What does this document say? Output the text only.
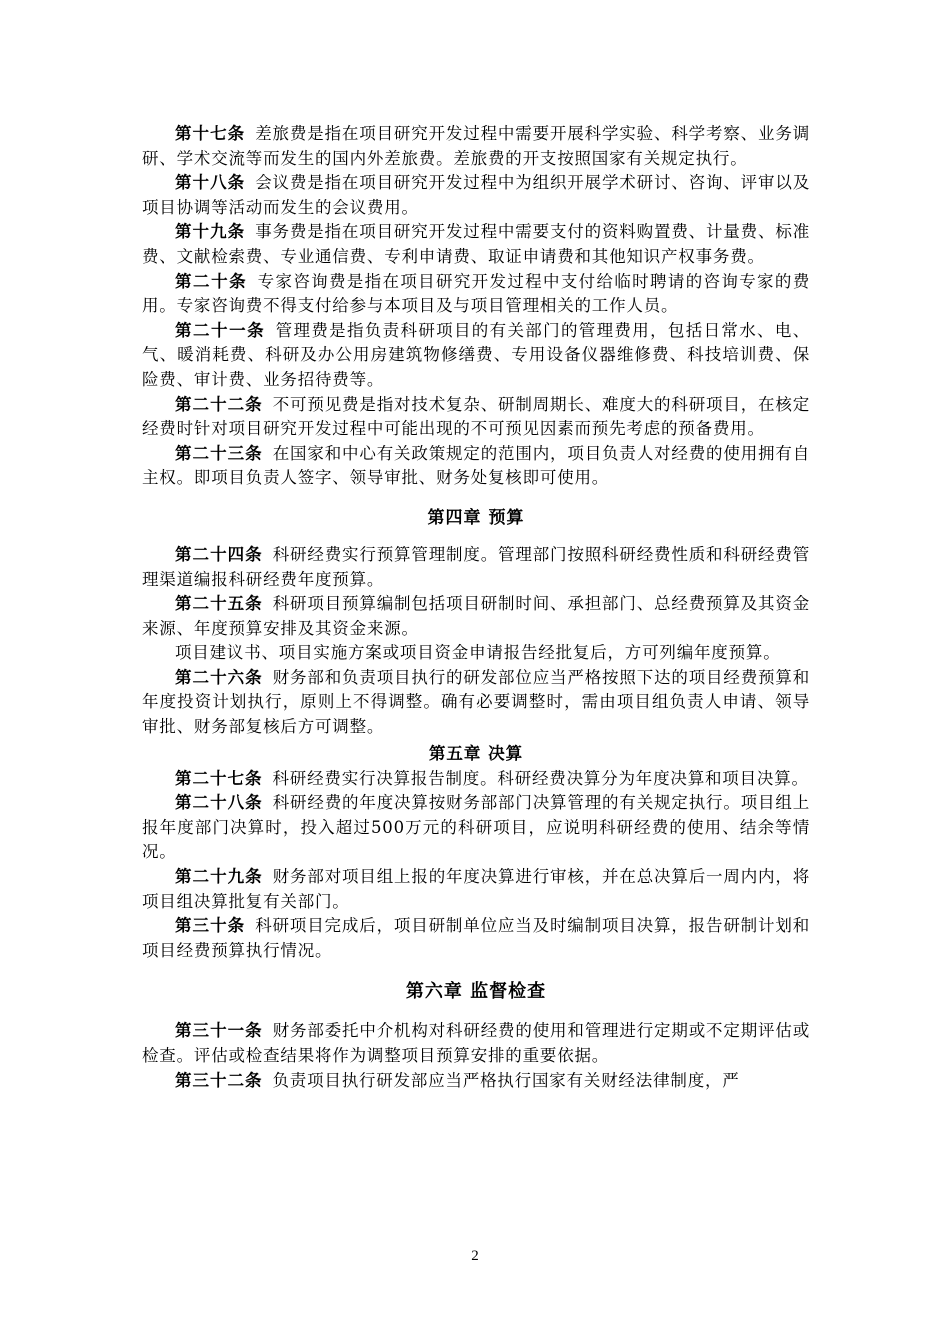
第十七条 差旅费是指在项目研究开发过程中需要开展科学实验、科学考察、业务调研、学术交流等而发生的国内外差旅费。差旅费的开支按照国家有关规定执行。

第十八条 会议费是指在项目研究开发过程中为组织开展学术研讨、咨询、评审以及项目协调等活动而发生的会议费用。

第十九条 事务费是指在项目研究开发过程中需要支付的资料购置费、计量费、标准费、文献检索费、专业通信费、专利申请费、取证申请费和其他知识产权事务费。

第二十条 专家咨询费是指在项目研究开发过程中支付给临时聘请的咨询专家的费用。专家咨询费不得支付给参与本项目及与项目管理相关的工作人员。

第二十一条 管理费是指负责科研项目的有关部门的管理费用，包括日常水、电、气、暖消耗费、科研及办公用房建筑物修缮费、专用设备仪器维修费、科技培训费、保险费、审计费、业务招待费等。

第二十二条 不可预见费是指对技术复杂、研制周期长、难度大的科研项目，在核定经费时针对项目研究开发过程中可能出现的不可预见因素而预先考虑的预备费用。

第二十三条 在国家和中心有关政策规定的范围内，项目负责人对经费的使用拥有自主权。即项目负责人签字、领导审批、财务处复核即可使用。

第四章 预算

第二十四条 科研经费实行预算管理制度。管理部门按照科研经费性质和科研经费管理渠道编报科研经费年度预算。

第二十五条 科研项目预算编制包括项目研制时间、承担部门、总经费预算及其资金来源、年度预算安排及其资金来源。

项目建议书、项目实施方案或项目资金申请报告经批复后，方可列编年度预算。

第二十六条 财务部和负责项目执行的研发部位应当严格按照下达的项目经费预算和年度投资计划执行，原则上不得调整。确有必要调整时，需由项目组负责人申请、领导审批、财务部复核后方可调整。

第五章 决算

第二十七条 科研经费实行决算报告制度。科研经费决算分为年度决算和项目决算。

第二十八条 科研经费的年度决算按财务部部门决算管理的有关规定执行。项目组上报年度部门决算时，投入超过500万元的科研项目，应说明科研经费的使用、结余等情况。

第二十九条 财务部对项目组上报的年度决算进行审核，并在总决算后一周内内，将项目组决算批复有关部门。

第三十条 科研项目完成后，项目研制单位应当及时编制项目决算，报告研制计划和项目经费预算执行情况。

第六章 监督检查

第三十一条 财务部委托中介机构对科研经费的使用和管理进行定期或不定期评估或检查。评估或检查结果将作为调整项目预算安排的重要依据。

第三十二条 负责项目执行研发部应当严格执行国家有关财经法律制度，严

2
